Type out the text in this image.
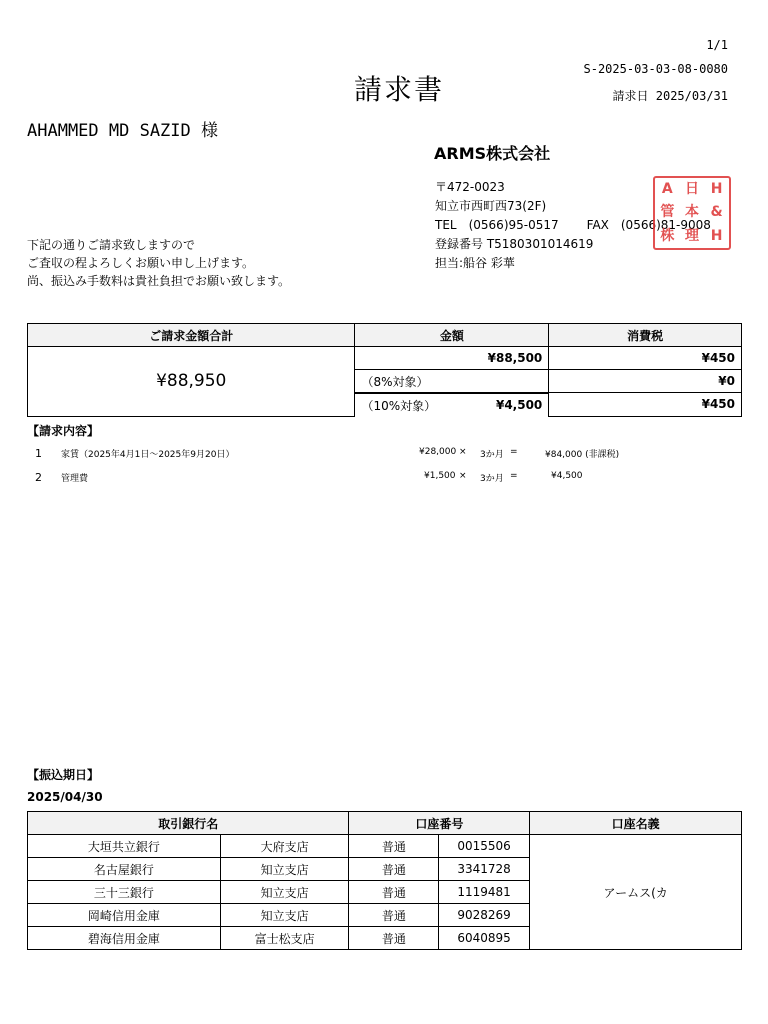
1/1
S-2025-03-03-08-0080
請求日 2025/03/31
請求書
AHAMMED MD SAZID 様
ARMS株式会社
〒472-0023
知立市西町西73(2F)
TEL　(0566)95-0517 FAX　(0566)81-9008
登録番号 T5180301014619
担当:船谷 彩華
A 日 H
管 本 &
株 理 H
下記の通りご請求致しますので
ご査収の程よろしくお願い申し上げます。
尚、振込み手数料は貴社負担でお願い致します。
ご請求金額合計	金額	消費税
¥88,950	¥88,500	¥450
	（8%対象）	¥0

（10%対象）	¥4,500	¥450
【請求内容】
1 家賃（2025年4月1日～2025年9月20日）	¥28,000 × 3か月 =	¥84,000 (非課税)
2 管理費	¥1,500 × 3か月 =	¥4,500
【振込期日】
2025/04/30
取引銀行名		口座番号		口座名義
大垣共立銀行	大府支店	普通	0015506	アームス(カ
名古屋銀行	知立支店	普通	3341728	
三十三銀行	知立支店	普通	1119481	
岡崎信用金庫	知立支店	普通	9028269	
碧海信用金庫	富士松支店	普通	6040895	
